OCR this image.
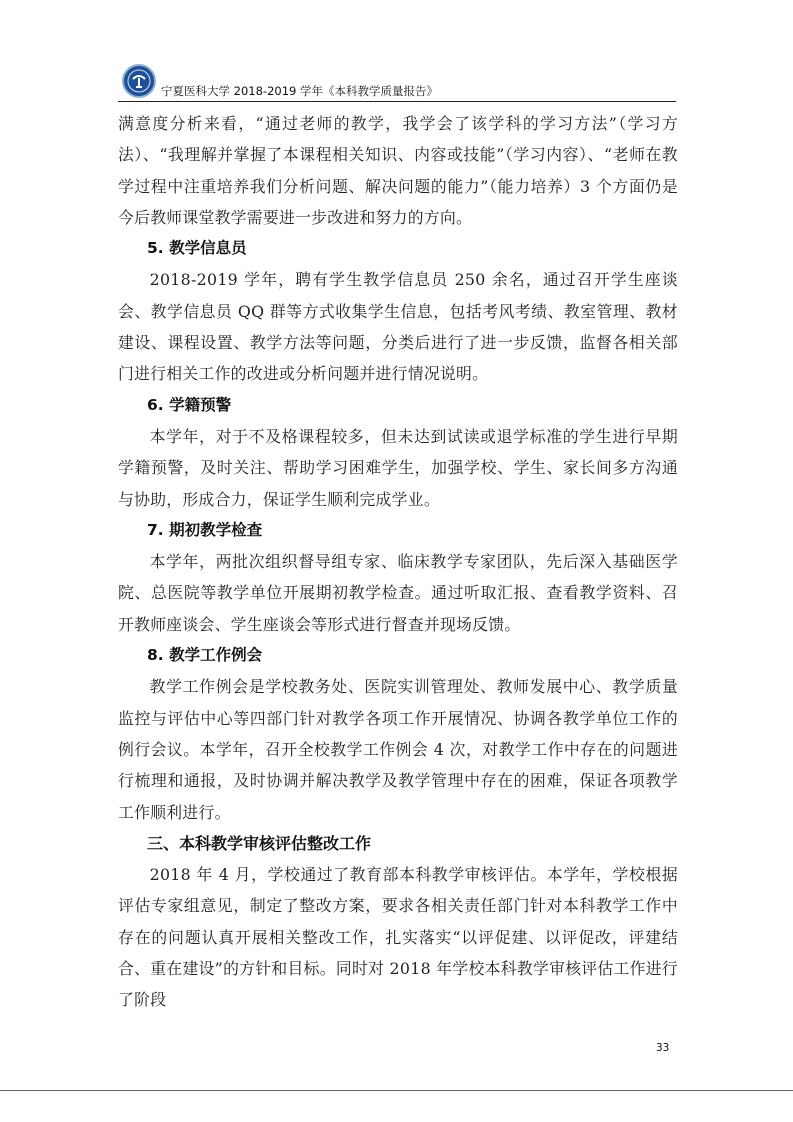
宁夏医科大学 2018-2019 学年《本科教学质量报告》

满意度分析来看，“通过老师的教学，我学会了该学科的学习方法”（学习方法）、“我理解并掌握了本课程相关知识、内容或技能”（学习内容）、“老师在教学过程中注重培养我们分析问题、解决问题的能力”（能力培养）3 个方面仍是今后教师课堂教学需要进一步改进和努力的方向。

5. 教学信息员

2018-2019 学年，聘有学生教学信息员 250 余名，通过召开学生座谈会、教学信息员 QQ 群等方式收集学生信息，包括考风考绩、教室管理、教材建设、课程设置、教学方法等问题，分类后进行了进一步反馈，监督各相关部门进行相关工作的改进或分析问题并进行情况说明。

6. 学籍预警

本学年，对于不及格课程较多，但未达到试读或退学标准的学生进行早期学籍预警，及时关注、帮助学习困难学生，加强学校、学生、家长间多方沟通与协助，形成合力，保证学生顺利完成学业。

7. 期初教学检查

本学年，两批次组织督导组专家、临床教学专家团队，先后深入基础医学院、总医院等教学单位开展期初教学检查。通过听取汇报、查看教学资料、召开教师座谈会、学生座谈会等形式进行督查并现场反馈。

8. 教学工作例会

教学工作例会是学校教务处、医院实训管理处、教师发展中心、教学质量监控与评估中心等四部门针对教学各项工作开展情况、协调各教学单位工作的例行会议。本学年，召开全校教学工作例会 4 次，对教学工作中存在的问题进行梳理和通报，及时协调并解决教学及教学管理中存在的困难，保证各项教学工作顺利进行。

三、本科教学审核评估整改工作

2018 年 4 月，学校通过了教育部本科教学审核评估。本学年，学校根据评估专家组意见，制定了整改方案，要求各相关责任部门针对本科教学工作中存在的问题认真开展相关整改工作，扎实落实“以评促建、以评促改，评建结合、重在建设”的方针和目标。同时对 2018 年学校本科教学审核评估工作进行了阶段

33
